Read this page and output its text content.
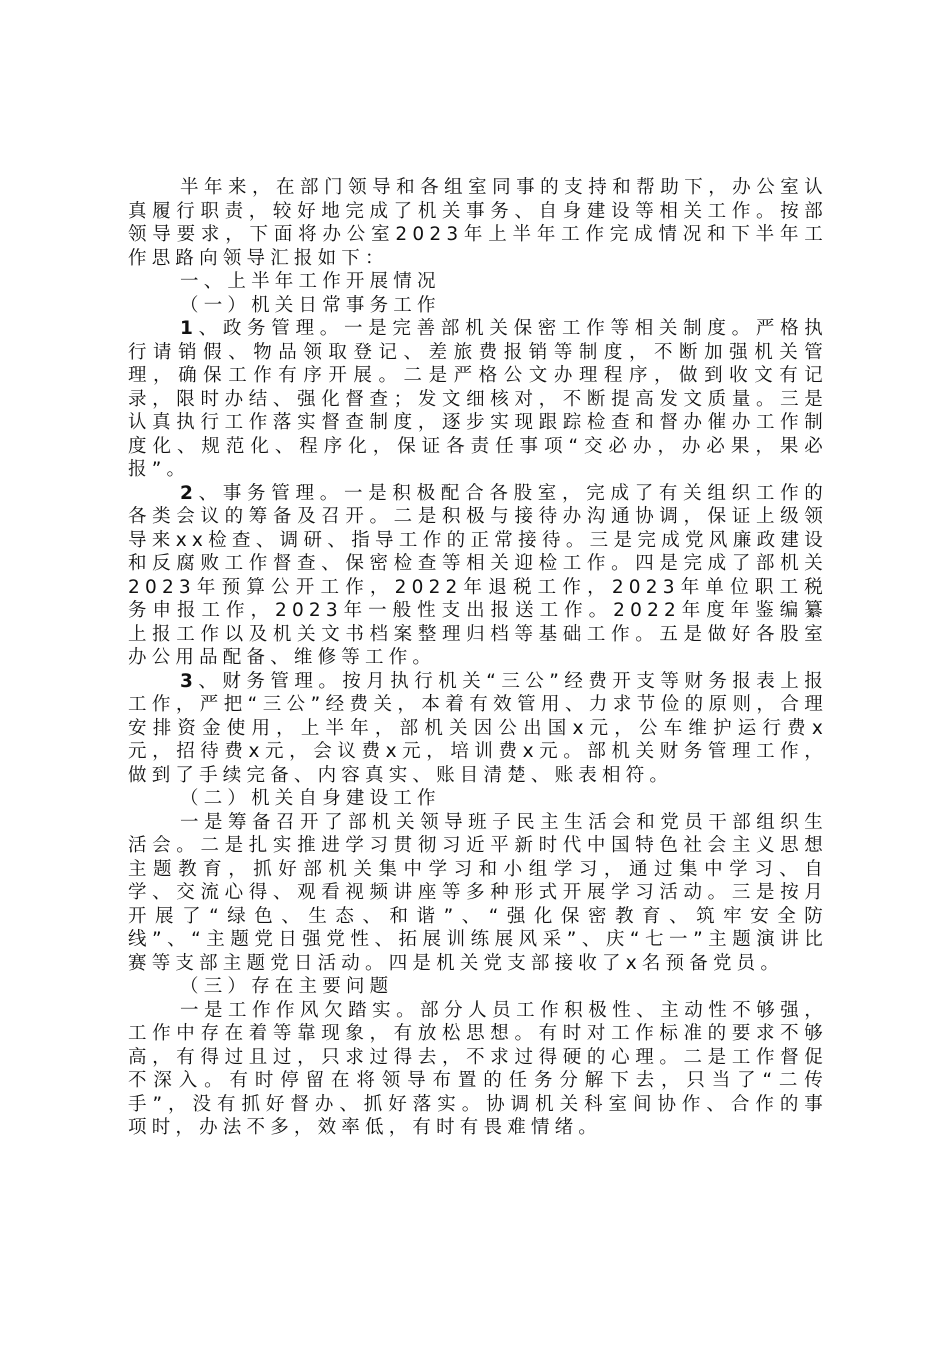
半年来，在部门领导和各组室同事的支持和帮助下，办公室认真履行职责，较好地完成了机关事务、自身建设等相关工作。按部领导要求，下面将办公室2023年上半年工作完成情况和下半年工作思路向领导汇报如下：

一、上半年工作开展情况

（一）机关日常事务工作

1、政务管理。一是完善部机关保密工作等相关制度。严格执行请销假、物品领取登记、差旅费报销等制度，不断加强机关管理，确保工作有序开展。二是严格公文办理程序，做到收文有记录，限时办结、强化督查；发文细核对，不断提高发文质量。三是认真执行工作落实督查制度，逐步实现跟踪检查和督办催办工作制度化、规范化、程序化，保证各责任事项“交必办，办必果，果必报”。

2、事务管理。一是积极配合各股室，完成了有关组织工作的各类会议的筹备及召开。二是积极与接待办沟通协调，保证上级领导来xx检查、调研、指导工作的正常接待。三是完成党风廉政建设和反腐败工作督查、保密检查等相关迎检工作。四是完成了部机关2023年预算公开工作，2022年退税工作，2023年单位职工税务申报工作，2023年一般性支出报送工作。2022年度年鉴编纂上报工作以及机关文书档案整理归档等基础工作。五是做好各股室办公用品配备、维修等工作。

3、财务管理。按月执行机关“三公”经费开支等财务报表上报工作，严把“三公”经费关，本着有效管用、力求节俭的原则，合理安排资金使用，上半年，部机关因公出国x元，公车维护运行费x元，招待费x元，会议费x元，培训费x元。部机关财务管理工作，做到了手续完备、内容真实、账目清楚、账表相符。

（二）机关自身建设工作

一是筹备召开了部机关领导班子民主生活会和党员干部组织生活会。二是扎实推进学习贯彻习近平新时代中国特色社会主义思想主题教育，抓好部机关集中学习和小组学习，通过集中学习、自学、交流心得、观看视频讲座等多种形式开展学习活动。三是按月开展了“绿色、生态、和谐”、“强化保密教育、筑牢安全防线”、“主题党日强党性、拓展训练展风采”、庆“七一”主题演讲比赛等支部主题党日活动。四是机关党支部接收了x名预备党员。

（三）存在主要问题

一是工作作风欠踏实。部分人员工作积极性、主动性不够强，工作中存在着等靠现象，有放松思想。有时对工作标准的要求不够高，有得过且过，只求过得去，不求过得硬的心理。二是工作督促不深入。有时停留在将领导布置的任务分解下去，只当了“二传手”，没有抓好督办、抓好落实。协调机关科室间协作、合作的事项时，办法不多，效率低，有时有畏难情绪。
